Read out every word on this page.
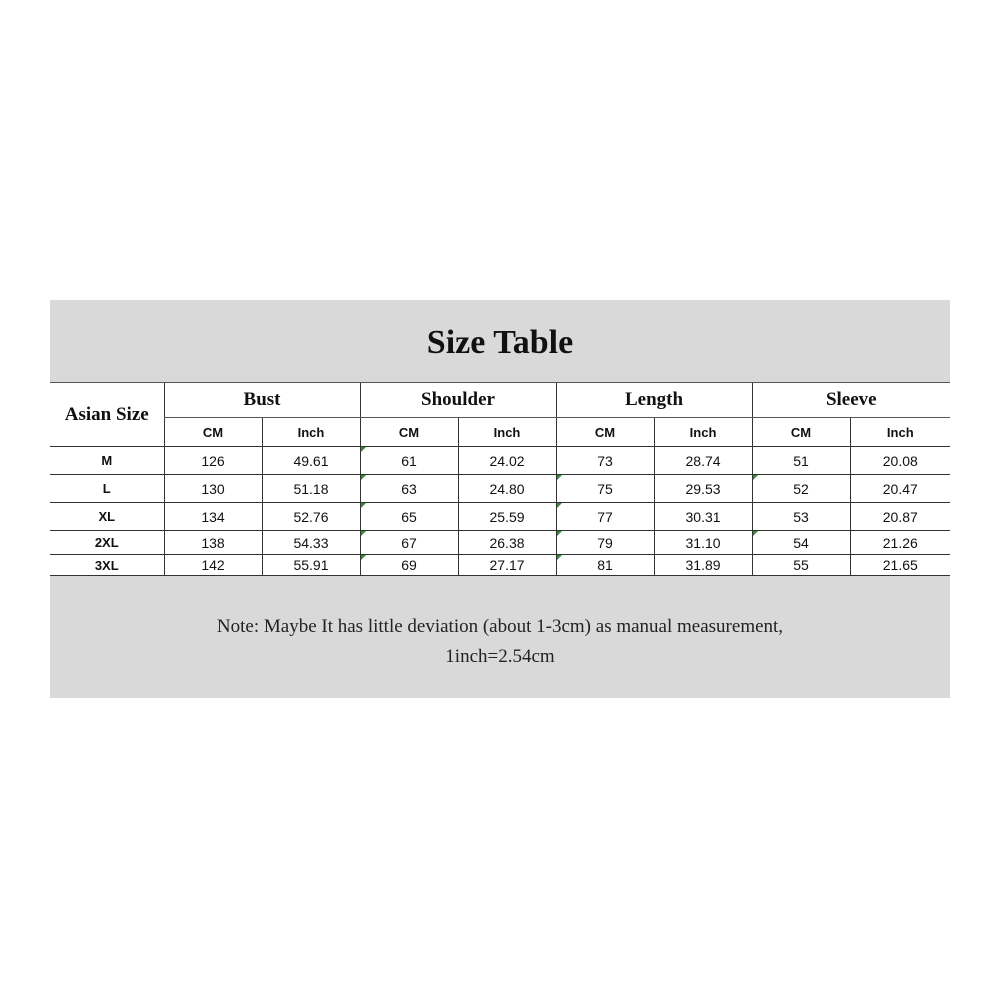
Size Table
Asian Size	Bust		Shoulder		Length		Sleeve	
	CM	Inch	CM	Inch	CM	Inch	CM	Inch
M	126	49.61	61	24.02	73	28.74	51	20.08
L	130	51.18	63	24.80	75	29.53	52	20.47
XL	134	52.76	65	25.59	77	30.31	53	20.87
2XL	138	54.33	67	26.38	79	31.10	54	21.26
3XL	142	55.91	69	27.17	81	31.89	55	21.65
Note: Maybe It has little deviation (about 1-3cm) as manual measurement,
1inch=2.54cm
